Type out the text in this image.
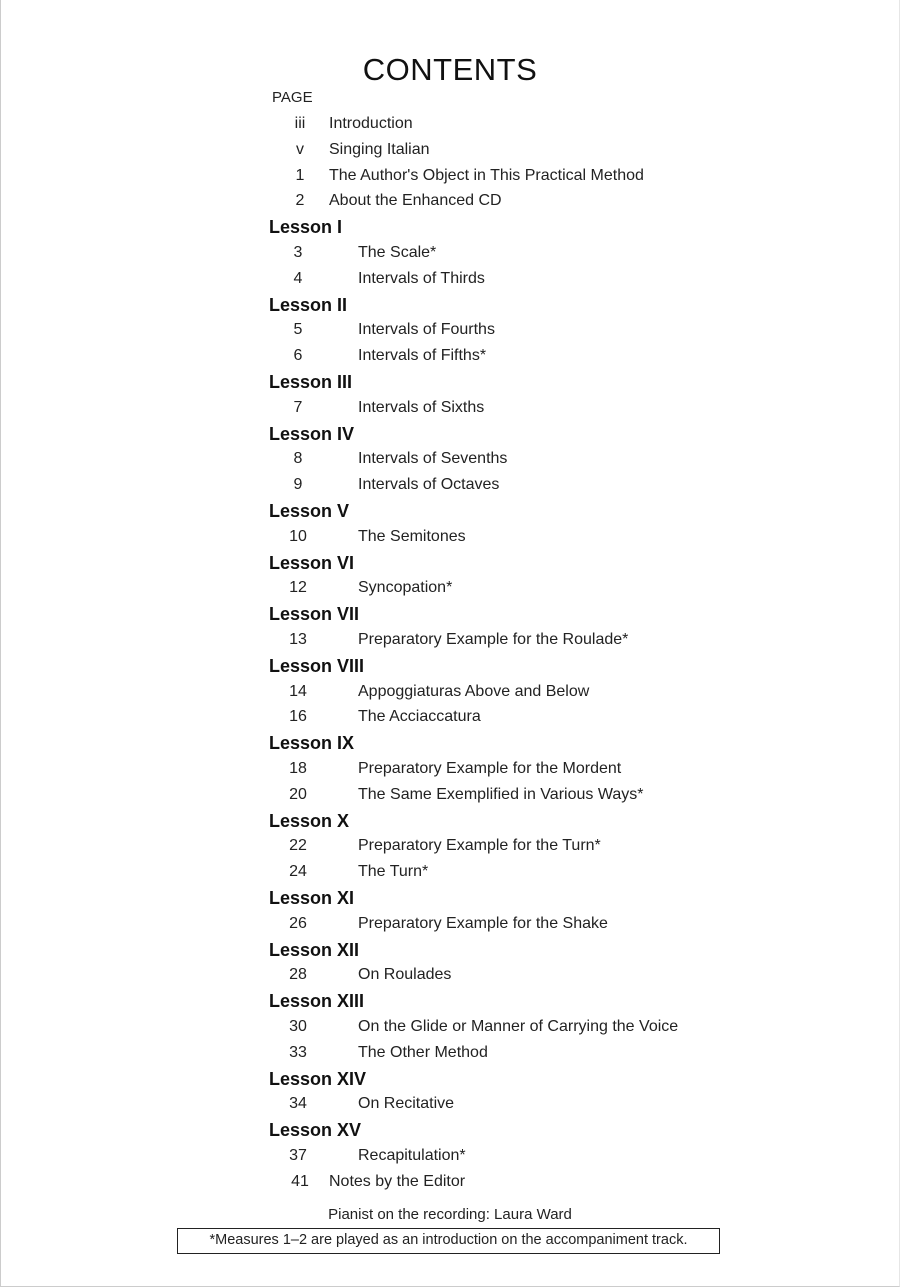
CONTENTS
PAGE
iii	Introduction
v	Singing Italian
1	The Author's Object in This Practical Method
2	About the Enhanced CD
Lesson I
3	The Scale*
4	Intervals of Thirds
Lesson II
5	Intervals of Fourths
6	Intervals of Fifths*
Lesson III
7	Intervals of Sixths
Lesson IV
8	Intervals of Sevenths
9	Intervals of Octaves
Lesson V
10	The Semitones
Lesson VI
12	Syncopation*
Lesson VII
13	Preparatory Example for the Roulade*
Lesson VIII
14	Appoggiaturas Above and Below
16	The Acciaccatura
Lesson IX
18	Preparatory Example for the Mordent
20	The Same Exemplified in Various Ways*
Lesson X
22	Preparatory Example for the Turn*
24	The Turn*
Lesson XI
26	Preparatory Example for the Shake
Lesson XII
28	On Roulades
Lesson XIII
30	On the Glide or Manner of Carrying the Voice
33	The Other Method
Lesson XIV
34	On Recitative
Lesson XV
37	Recapitulation*
41	Notes by the Editor
Pianist on the recording: Laura Ward
*Measures 1–2 are played as an introduction on the accompaniment track.
